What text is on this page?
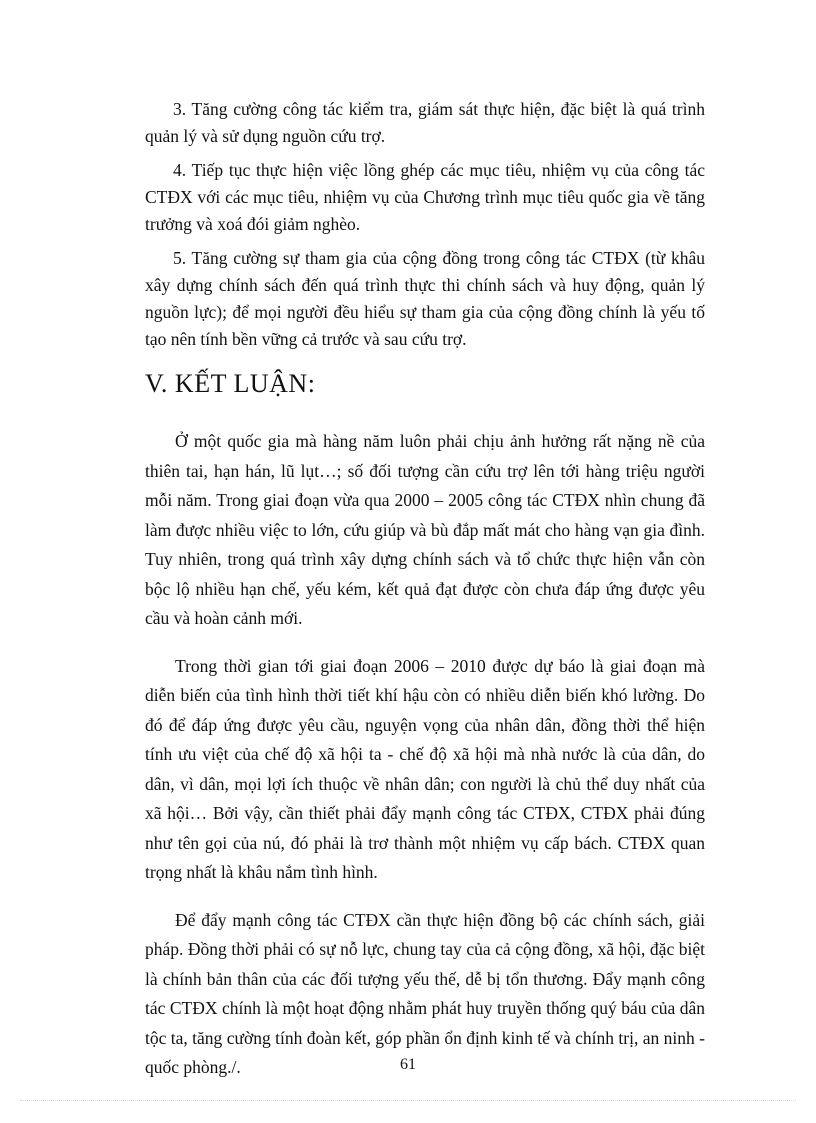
3. Tăng cường công tác kiểm tra, giám sát thực hiện, đặc biệt là quá trình quản lý và sử dụng nguồn cứu trợ.

4. Tiếp tục thực hiện việc lồng ghép các mục tiêu, nhiệm vụ của công tác CTĐX với các mục tiêu, nhiệm vụ của Chương trình mục tiêu quốc gia về tăng trưởng và xoá đói giảm nghèo.

5. Tăng cường sự tham gia của cộng đồng trong công tác CTĐX (từ khâu xây dựng chính sách đến quá trình thực thi chính sách và huy động, quản lý nguồn lực); để mọi người đều hiểu sự tham gia của cộng đồng chính là yếu tố tạo nên tính bền vững cả trước và sau cứu trợ.

V. KẾT LUẬN:

Ở một quốc gia mà hàng năm luôn phải chịu ảnh hưởng rất nặng nề của thiên tai, hạn hán, lũ lụt…; số đối tượng cần cứu trợ lên tới hàng triệu người mỗi năm. Trong giai đoạn vừa qua 2000 – 2005 công tác CTĐX nhìn chung đã làm được nhiều việc to lớn, cứu giúp và bù đắp mất mát cho hàng vạn gia đình. Tuy nhiên, trong quá trình xây dựng chính sách và tổ chức thực hiện vẫn còn bộc lộ nhiều hạn chế, yếu kém, kết quả đạt được còn chưa đáp ứng được yêu cầu và hoàn cảnh mới.

Trong thời gian tới giai đoạn 2006 – 2010 được dự báo là giai đoạn mà diễn biến của tình hình thời tiết khí hậu còn có nhiều diễn biến khó lường. Do đó để đáp ứng được yêu cầu, nguyện vọng của nhân dân, đồng thời thể hiện tính ưu việt của chế độ xã hội ta - chế độ xã hội mà nhà nước là của dân, do dân, vì dân, mọi lợi ích thuộc về nhân dân; con người là chủ thể duy nhất của xã hội… Bởi vậy, cần thiết phải đẩy mạnh công tác CTĐX, CTĐX phải đúng như tên gọi của nú, đó phải là trơ thành một nhiệm vụ cấp bách. CTĐX quan trọng nhất là khâu nắm tình hình.

Để đẩy mạnh công tác CTĐX cần thực hiện đồng bộ các chính sách, giải pháp. Đồng thời phải có sự nỗ lực, chung tay của cả cộng đồng, xã hội, đặc biệt là chính bản thân của các đối tượng yếu thế, dễ bị tổn thương. Đẩy mạnh công tác CTĐX chính là một hoạt động nhằm phát huy truyền thống quý báu của dân tộc ta, tăng cường tính đoàn kết, góp phần ổn định kinh tế và chính trị, an ninh - quốc phòng./.	61
